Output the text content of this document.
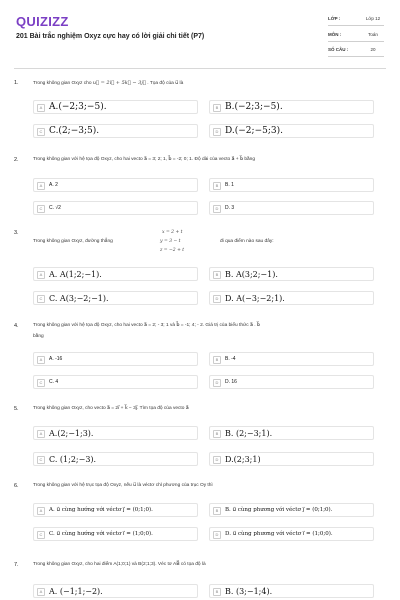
QUIZIZZ
201 Bài trắc nghiệm Oxyz cực hay có lời giải chi tiết (P7)
LỚP :	Lớp 12
MÔN :	Toán
SỐ CÂU :	20
1.	Trong không gian Oxyz cho u⃗ = 2i⃗ + 5k⃗ − 3j⃗ . Tọa độ của u⃗ là
A A.(−2;3;−5).	B B.(−2;3;−5).
C C.(2;−3;5).	D D.(−2;−5;3).
2.	Trong không gian với hệ tọa độ Oxyz, cho hai vecto a⃗ = 3; 2; 1, b⃗ = -2; 0; 1. Độ dài của vecto a⃗ + b⃗ bằng
A	A. 2	B	B. 1
C	C. √2	D	D. 3
3.	x = 2 + t
Trong không gian Oxyz, đường thẳng	y = 3 − t	đi qua điểm nào sau đây:
z = −2 + t
A A. A(1;2;−1).	B B. A(3;2;−1).
C C. A(3;−2;−1).	D D. A(−3;−2;1).
4.	Trong không gian với hệ tọa độ Oxyz, cho hai vecto a⃗ = 2; - 3; 1 và b⃗ = -1; 4; - 2. Giá trị của biểu thức a⃗ . b⃗
bằng
A	A. -16	B	B. -4
C	C. 4	D	D. 16
5.	Trong không gian Oxyz, cho vecto a⃗ = 2i⃗ + k⃗ − 3j⃗. Tìm tọa độ của vecto a⃗
A A.(2;−1;3).	B B. (2;−3;1).
C C. (1;2;−3).	D D.(2;3;1)
6.	Trong không gian với hệ trục tọa độ Oxyz, nếu u⃗ là véctơ chỉ phương của trục Oy thì
A	A. u⃗ cùng hướng với véctơ j⃗ = (0;1;0).	B	B. u⃗ cùng phương với véctơ j⃗ = (0;1;0).
C	C. u⃗ cùng hướng với véctơ i⃗ = (1;0;0).	D	D. u⃗ cùng phương với véctơ i⃗ = (1;0;0).
7.	Trong không gian Oxyz, cho hai điểm A(1;0;1) và B(2;1;3). Véc tơ AB⃗ có tọa độ là
A A. (−1;1;−2).	B B. (3;−1;4).
